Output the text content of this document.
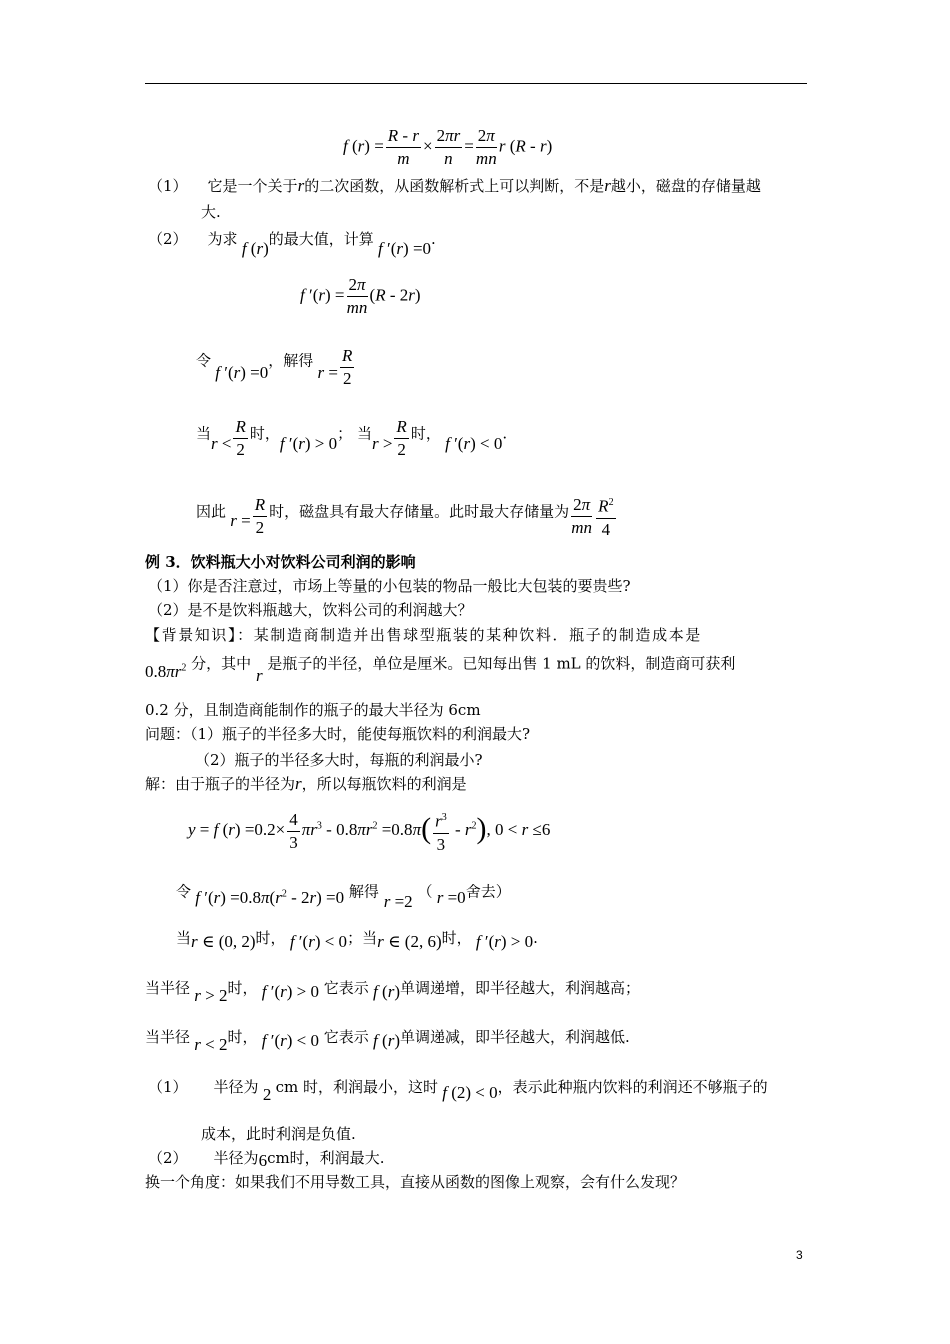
f $(r) = \frac{R - r}{m} \times \frac{2\pi r}{n} = \frac{2\pi}{mn}$ r (R - r)
（1） 它是一个关于r的二次函数，从函数解析式上可以判断，不是r越小，磁盘的存储量越
大.
（2） 为求 f (r)的最大值，计算 f ′(r) =0.
f $'(r) = \frac{2\pi}{mn} (R - 2r)$
令 f ′(r) =0，解得 $r = \frac{R}{2}$
当$r < \frac{R}{2}$ 时，f ′(r) > 0； 当$r > \frac{R}{2}$ 时， f ′(r) < 0.
因此 $r = \frac{R}{2}$ 时，磁盘具有最大存储量。此时最大存储量为 $\frac{2\pi}{mn} \frac{R^2}{4}$
例 3．饮料瓶大小对饮料公司利润的影响
（1）你是否注意过，市场上等量的小包装的物品一般比大包装的要贵些?
（2）是不是饮料瓶越大，饮料公司的利润越大？
【背景知识】：某制造商制造并出售球型瓶装的某种饮料．瓶子的制造成本是
$0.8\pi r^2$ 分，其中 r 是瓶子的半径，单位是厘米。已知每出售 1 mL 的饮料，制造商可获利
0.2 分，且制造商能制作的瓶子的最大半径为 6cm
问题：（1）瓶子的半径多大时，能使每瓶饮料的利润最大?
（2）瓶子的半径多大时，每瓶的利润最小?
解：由于瓶子的半径为r，所以每瓶饮料的利润是
y = f $(r) =0.2\times \frac{4}{3} \pi r^3 - 0.8\pi r^2 =0.8\pi( \frac{r^3}{3} - r^2)$, 0 < r ≤6
令 f $'(r) =0.8\pi(r^2 - 2r) =0$ 解得 r =2 （ r =0舍去）
当r ∈ (0, 2)时， f ′(r) < 0；当r ∈ (2, 6)时， f ′(r) > 0.
当半径 r > 2时， f ′(r) > 0 它表示 f (r)单调递增，即半径越大，利润越高；
当半径 r < 2时， f ′(r) < 0 它表示 f (r)单调递减，即半径越大，利润越低.
（1） 半径为 2 cm 时，利润最小，这时 f (2) < 0，表示此种瓶内饮料的利润还不够瓶子的
成本，此时利润是负值.
（2） 半径为6cm时，利润最大.
换一个角度：如果我们不用导数工具，直接从函数的图像上观察，会有什么发现？
3
